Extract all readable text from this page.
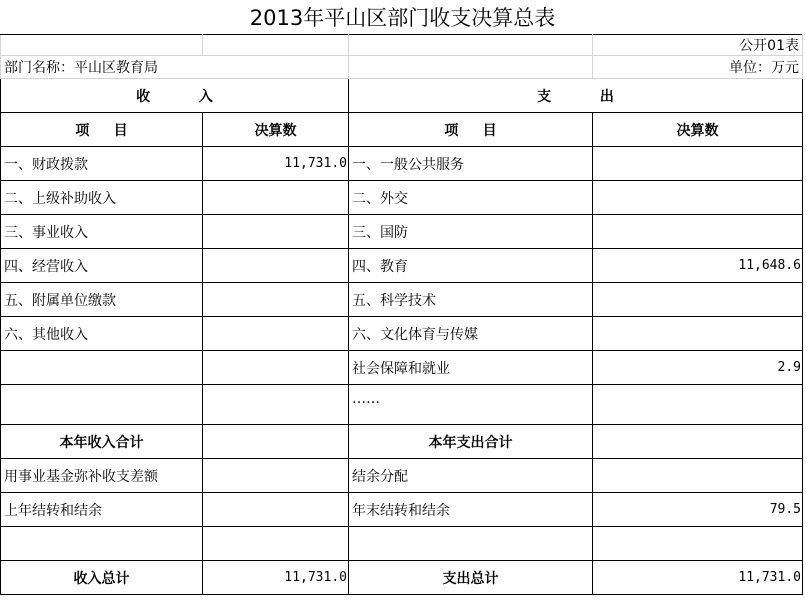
2013年平山区部门收支决算总表
			公开01表
部门名称：平山区教育局			单位：万元
收          入		支          出	
项     目	决算数	项     目	决算数
一、财政拨款	11,731.0	一、一般公共服务	
二、上级补助收入		二、外交	
三、事业收入		三、国防	
四、经营收入		四、教育	11,648.6
五、附属单位缴款		五、科学技术	
六、其他收入		六、文化体育与传媒	
		社会保障和就业	2.9
		……	
本年收入合计		本年支出合计	
用事业基金弥补收支差额		结余分配	
上年结转和结余		年末结转和结余	79.5

收入总计	11,731.0	支出总计	11,731.0
